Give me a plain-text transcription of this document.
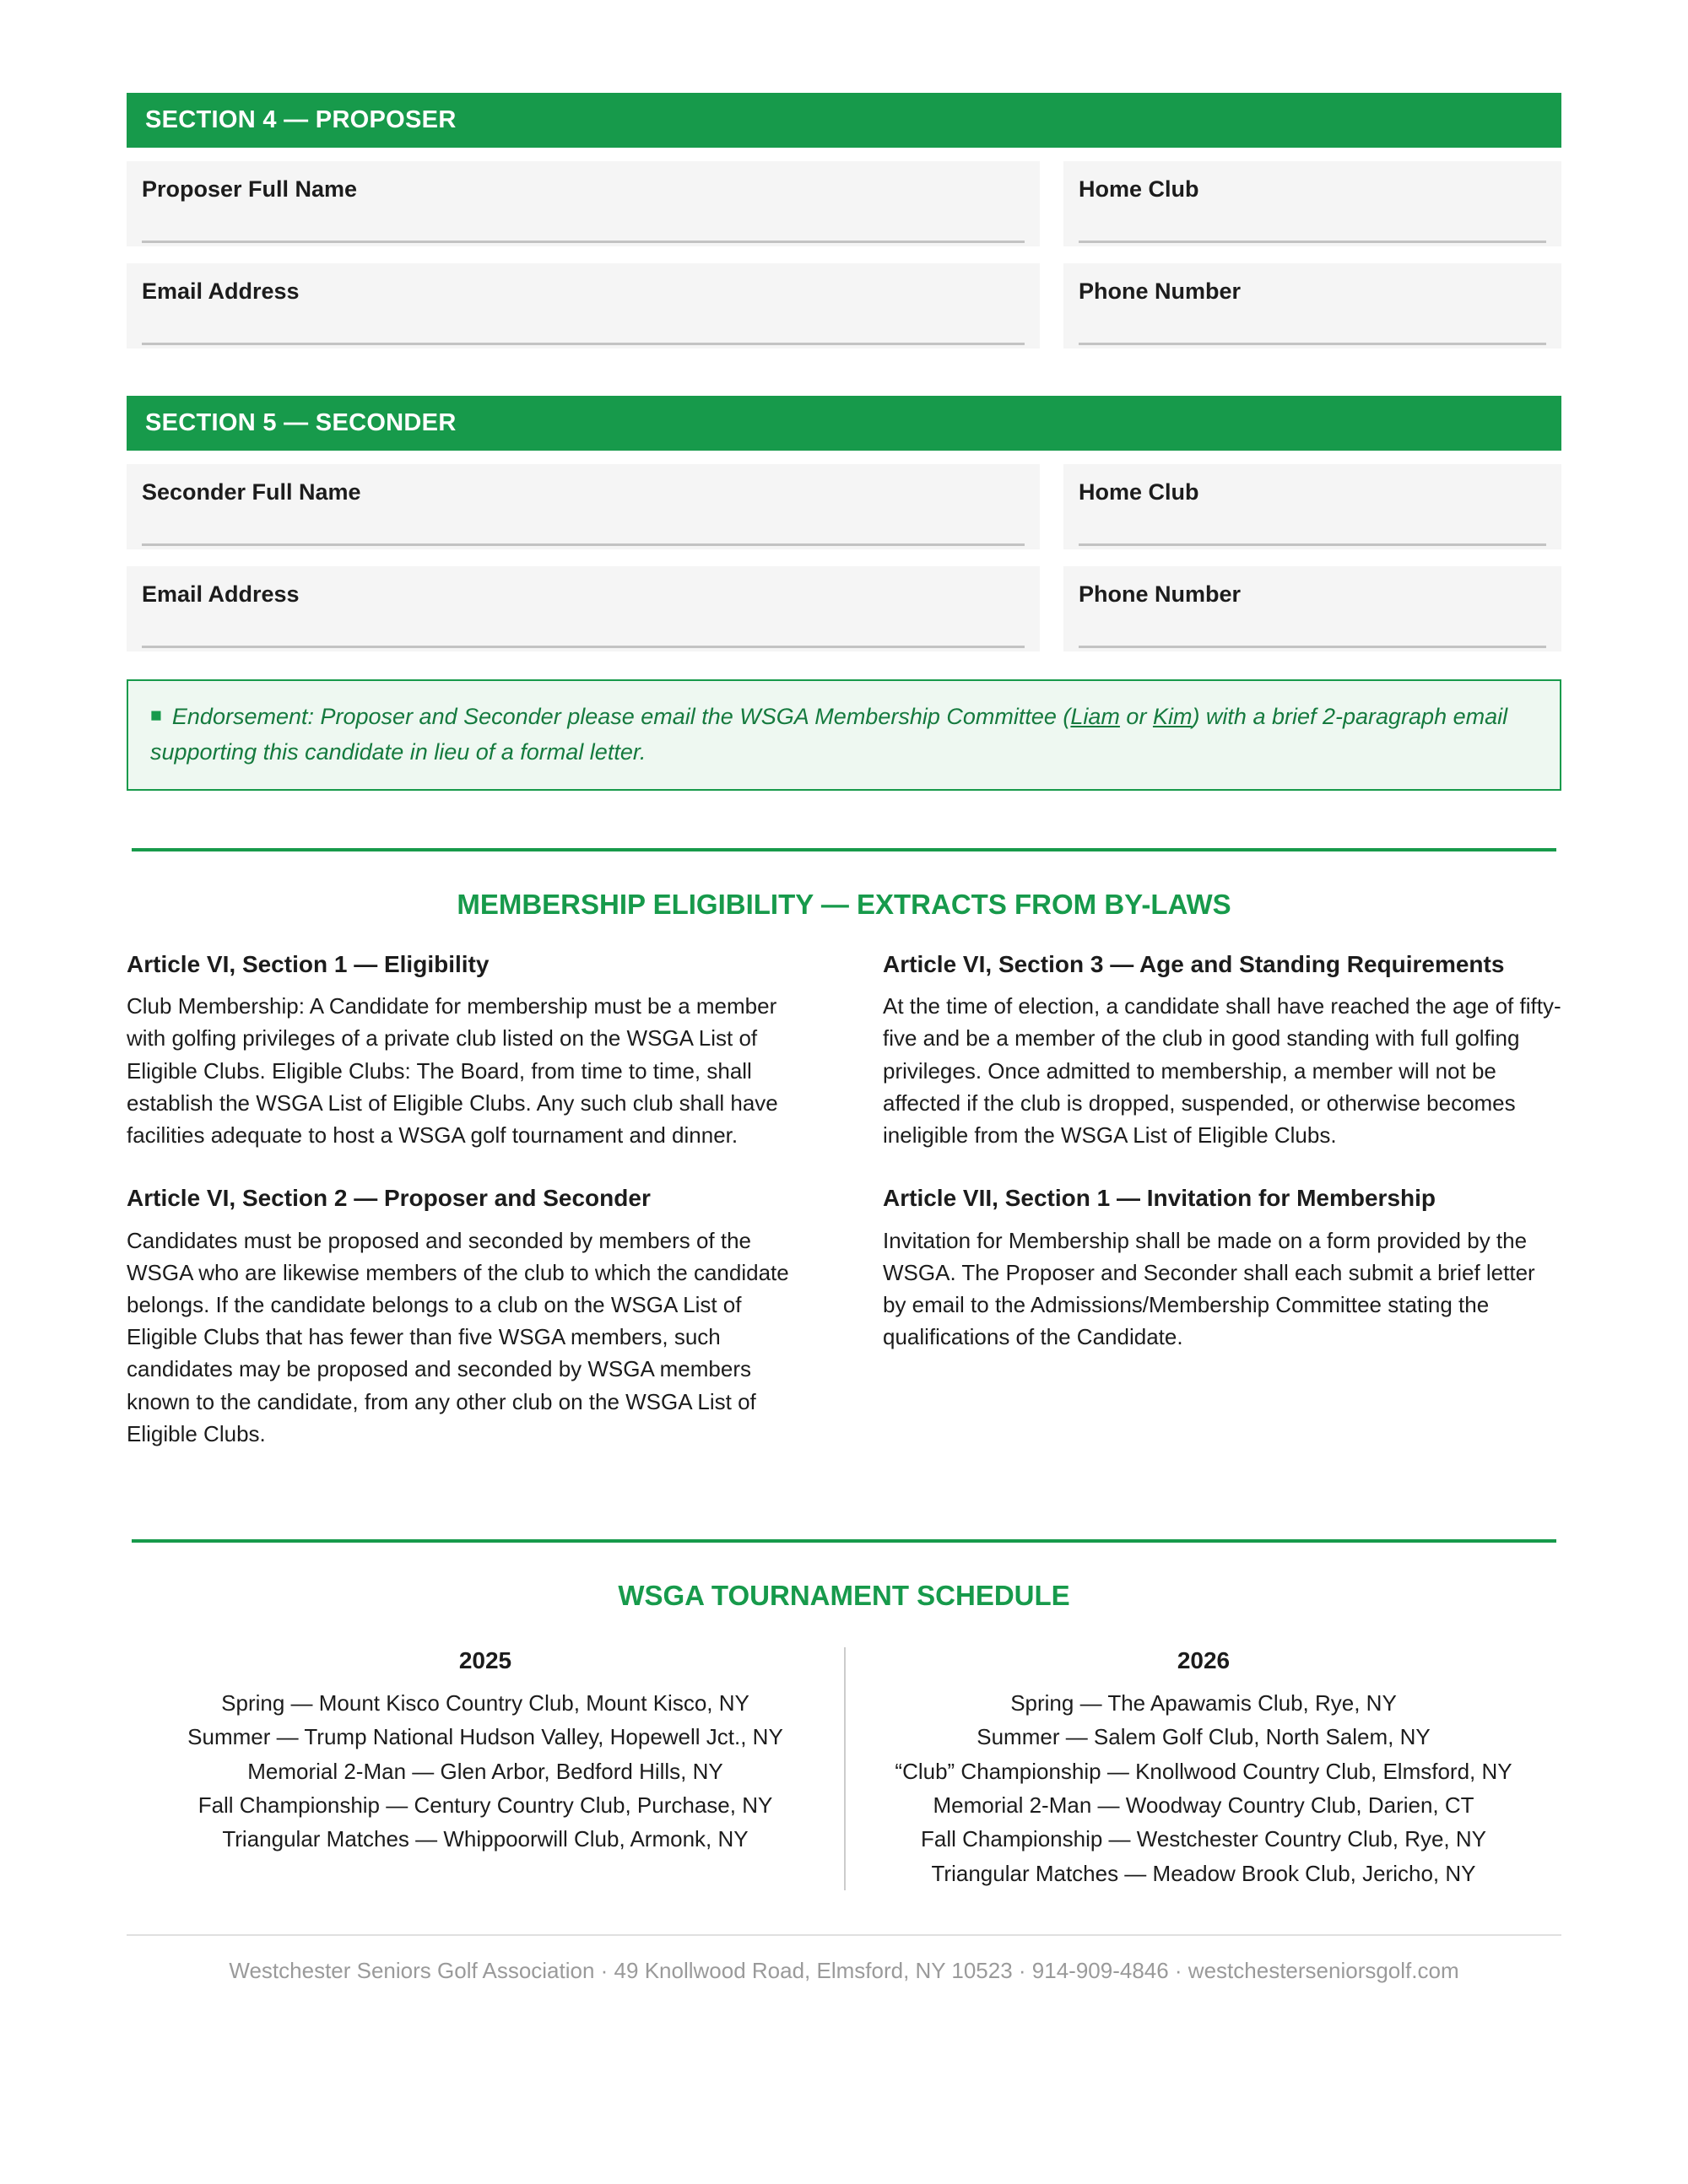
SECTION 4 — PROPOSER
Proposer Full Name	Home Club
Email Address	Phone Number
SECTION 5 — SECONDER
Seconder Full Name	Home Club
Email Address	Phone Number
■ Endorsement: Proposer and Seconder please email the WSGA Membership Committee (Liam or Kim) with a brief 2-paragraph email supporting this candidate in lieu of a formal letter.
MEMBERSHIP ELIGIBILITY — EXTRACTS FROM BY-LAWS
Article VI, Section 1 — Eligibility

Club Membership: A Candidate for membership must be a member with golfing privileges of a private club listed on the WSGA List of Eligible Clubs. Eligible Clubs: The Board, from time to time, shall establish the WSGA List of Eligible Clubs. Any such club shall have facilities adequate to host a WSGA golf tournament and dinner.

Article VI, Section 2 — Proposer and Seconder

Candidates must be proposed and seconded by members of the WSGA who are likewise members of the club to which the candidate belongs. If the candidate belongs to a club on the WSGA List of Eligible Clubs that has fewer than five WSGA members, such candidates may be proposed and seconded by WSGA members known to the candidate, from any other club on the WSGA List of Eligible Clubs.

Article VI, Section 3 — Age and Standing Requirements

At the time of election, a candidate shall have reached the age of fifty-five and be a member of the club in good standing with full golfing privileges. Once admitted to membership, a member will not be affected if the club is dropped, suspended, or otherwise becomes ineligible from the WSGA List of Eligible Clubs.

Article VII, Section 1 — Invitation for Membership

Invitation for Membership shall be made on a form provided by the WSGA. The Proposer and Seconder shall each submit a brief letter by email to the Admissions/Membership Committee stating the qualifications of the Candidate.

WSGA TOURNAMENT SCHEDULE
2025
Spring — Mount Kisco Country Club, Mount Kisco, NY
Summer — Trump National Hudson Valley, Hopewell Jct., NY
Memorial 2-Man — Glen Arbor, Bedford Hills, NY
Fall Championship — Century Country Club, Purchase, NY
Triangular Matches — Whippoorwill Club, Armonk, NY
2026
Spring — The Apawamis Club, Rye, NY
Summer — Salem Golf Club, North Salem, NY
“Club” Championship — Knollwood Country Club, Elmsford, NY
Memorial 2-Man — Woodway Country Club, Darien, CT
Fall Championship — Westchester Country Club, Rye, NY
Triangular Matches — Meadow Brook Club, Jericho, NY
Westchester Seniors Golf Association · 49 Knollwood Road, Elmsford, NY 10523 · 914-909-4846 · westchesterseniorsgolf.com
